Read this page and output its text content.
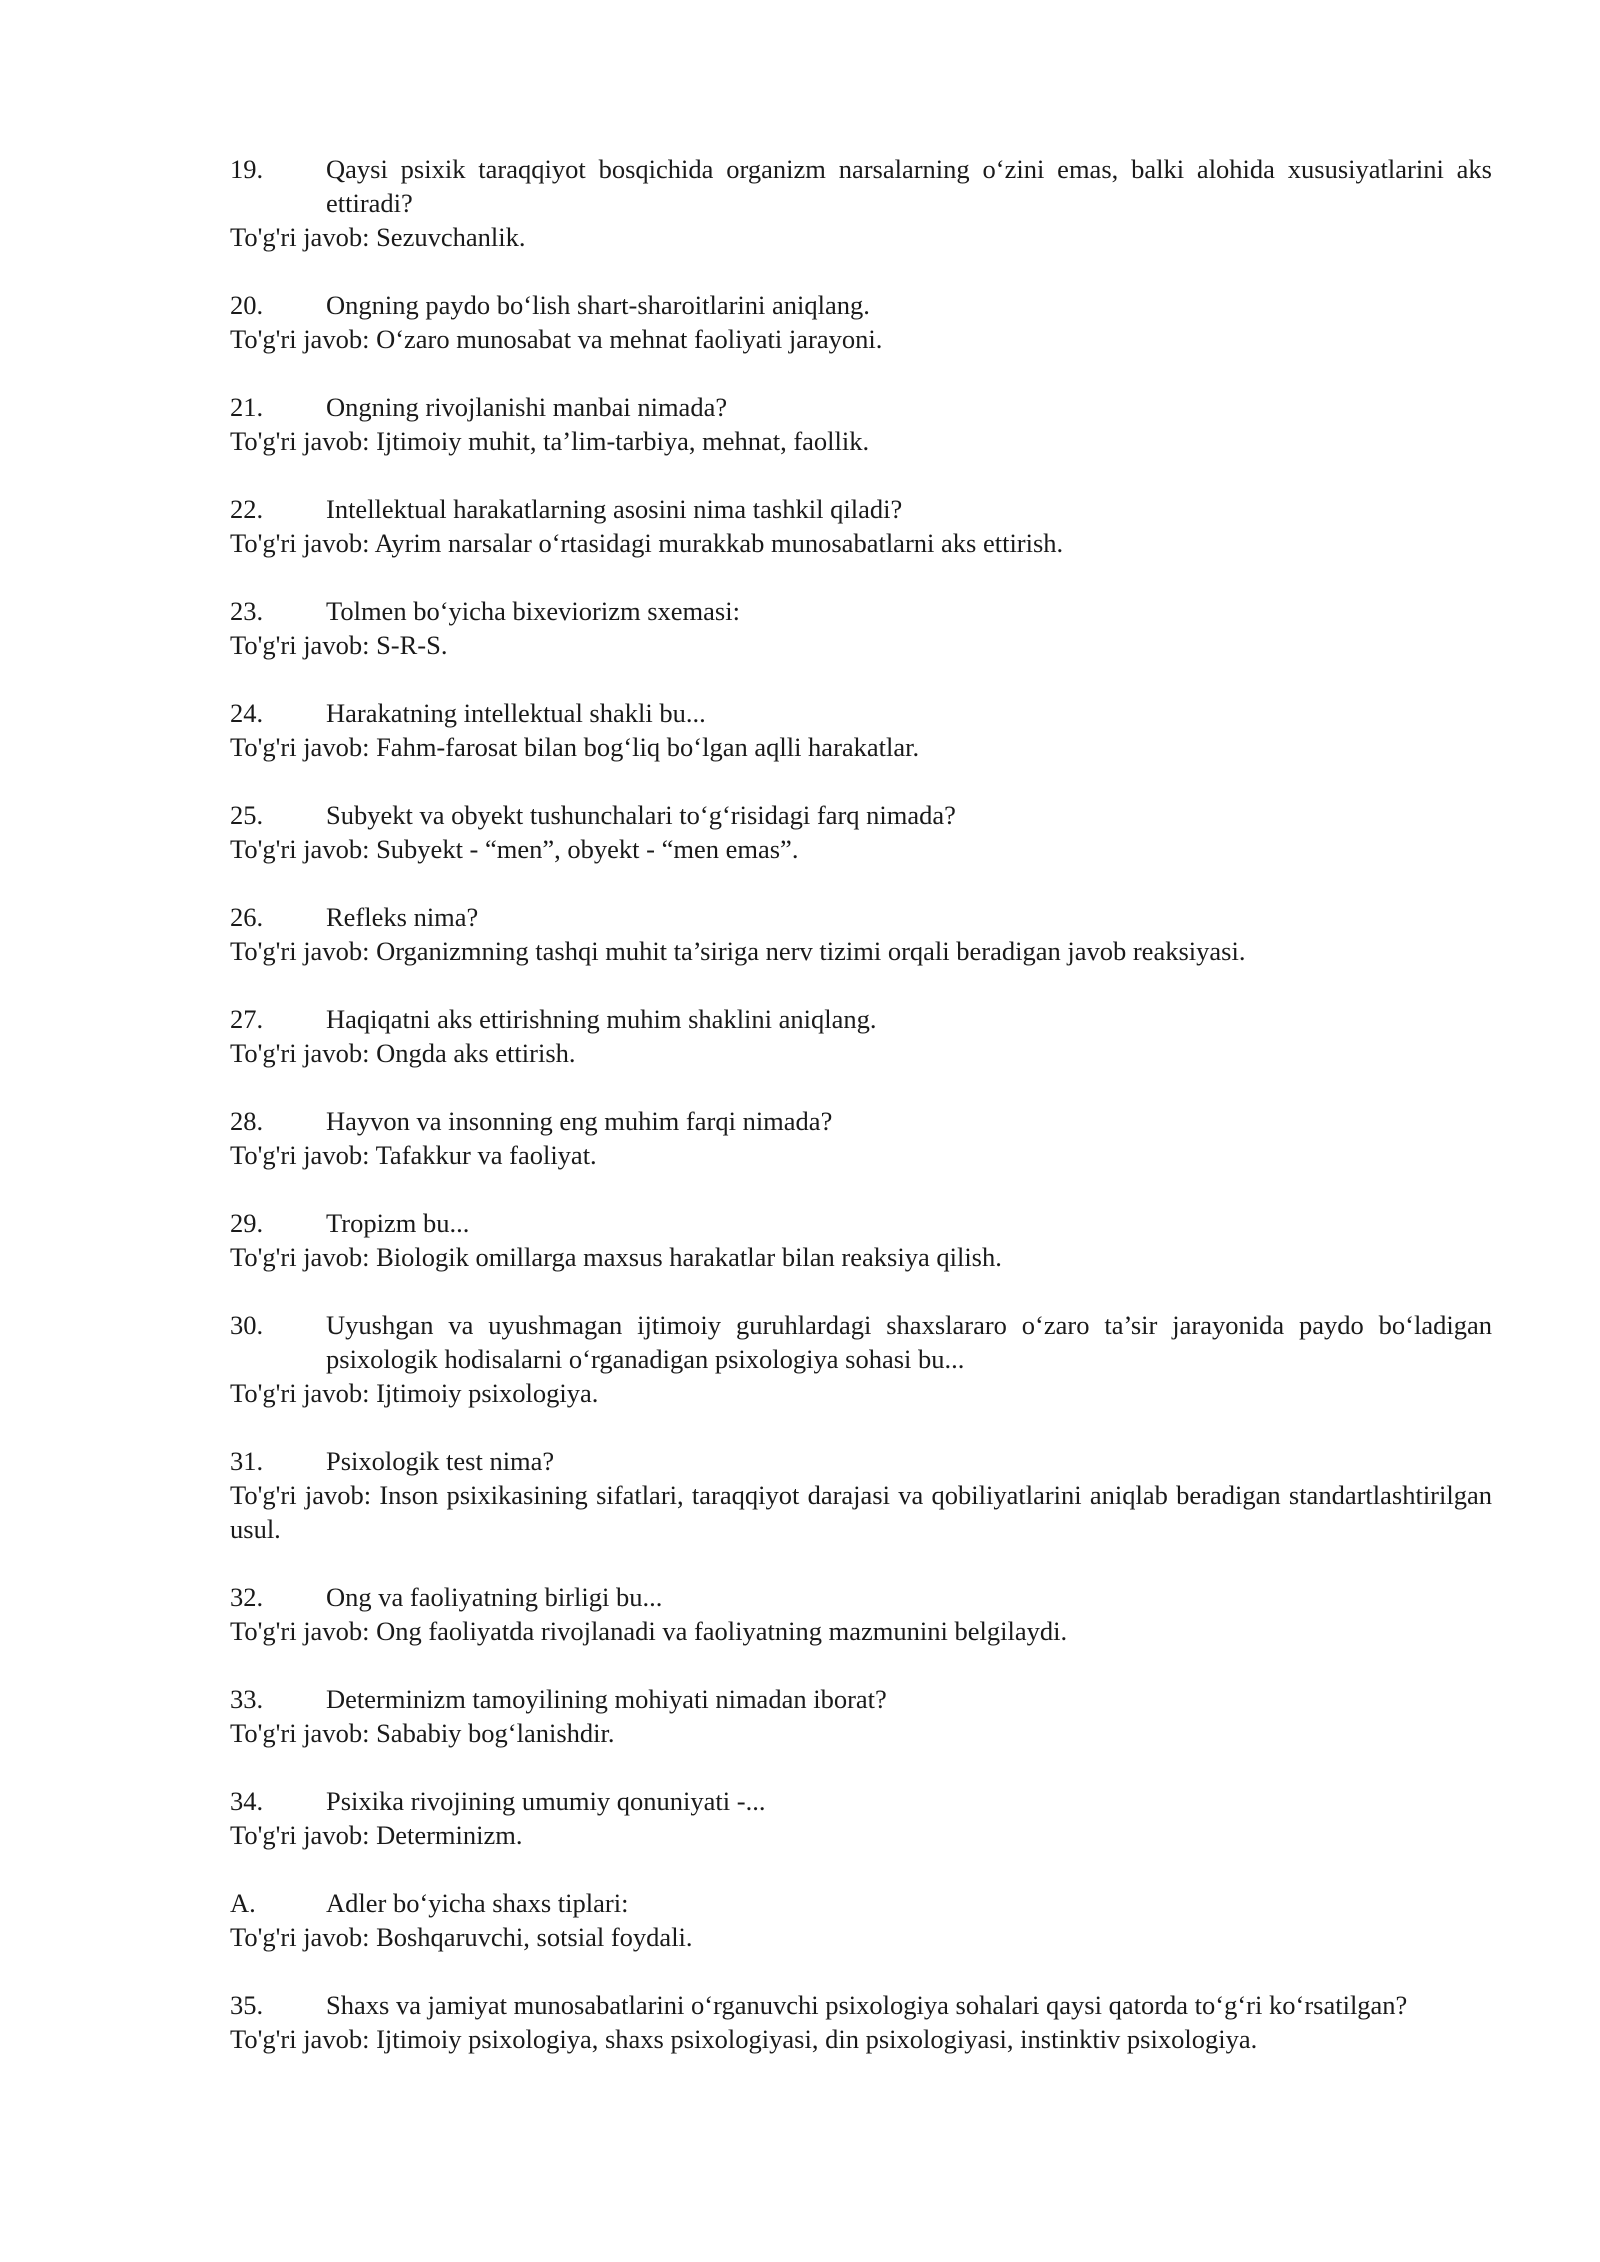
19. Qaysi psixik taraqqiyot bosqichida organizm narsalarning o‘zini emas, balki alohida xususiyatlarini aks ettiradi?
To'g'ri javob: Sezuvchanlik.
20. Ongning paydo bo‘lish shart-sharoitlarini aniqlang.
To'g'ri javob: O‘zaro munosabat va mehnat faoliyati jarayoni.
21. Ongning rivojlanishi manbai nimada?
To'g'ri javob: Ijtimoiy muhit, ta’lim-tarbiya, mehnat, faollik.
22. Intellektual harakatlarning asosini nima tashkil qiladi?
To'g'ri javob: Ayrim narsalar o‘rtasidagi murakkab munosabatlarni aks ettirish.
23. Tolmen bo‘yicha bixeviorizm sxemasi:
To'g'ri javob: S-R-S.
24. Harakatning intellektual shakli bu...
To'g'ri javob: Fahm-farosat bilan bog‘liq bo‘lgan aqlli harakatlar.
25. Subyekt va obyekt tushunchalari to‘g‘risidagi farq nimada?
To'g'ri javob: Subyekt - “men”, obyekt - “men emas”.
26. Refleks nima?
To'g'ri javob: Organizmning tashqi muhit ta’siriga nerv tizimi orqali beradigan javob reaksiyasi.
27. Haqiqatni aks ettirishning muhim shaklini aniqlang.
To'g'ri javob: Ongda aks ettirish.
28. Hayvon va insonning eng muhim farqi nimada?
To'g'ri javob: Tafakkur va faoliyat.
29. Tropizm bu...
To'g'ri javob: Biologik omillarga maxsus harakatlar bilan reaksiya qilish.
30. Uyushgan va uyushmagan ijtimoiy guruhlardagi shaxslararo o‘zaro ta’sir jarayonida paydo bo‘ladigan psixologik hodisalarni o‘rganadigan psixologiya sohasi bu...
To'g'ri javob: Ijtimoiy psixologiya.
31. Psixologik test nima?
To'g'ri javob: Inson psixikasining sifatlari, taraqqiyot darajasi va qobiliyatlarini aniqlab beradigan standartlashtirilgan usul.
32. Ong va faoliyatning birligi bu...
To'g'ri javob: Ong faoliyatda rivojlanadi va faoliyatning mazmunini belgilaydi.
33. Determinizm tamoyilining mohiyati nimadan iborat?
To'g'ri javob: Sababiy bog‘lanishdir.
34. Psixika rivojining umumiy qonuniyati -...
To'g'ri javob: Determinizm.
A.	Adler bo‘yicha shaxs tiplari:
To'g'ri javob: Boshqaruvchi, sotsial foydali.
35. Shaxs va jamiyat munosabatlarini o‘rganuvchi psixologiya sohalari qaysi qatorda to‘g‘ri ko‘rsatilgan?
To'g'ri javob: Ijtimoiy psixologiya, shaxs psixologiyasi, din psixologiyasi, instinktiv psixologiya.
